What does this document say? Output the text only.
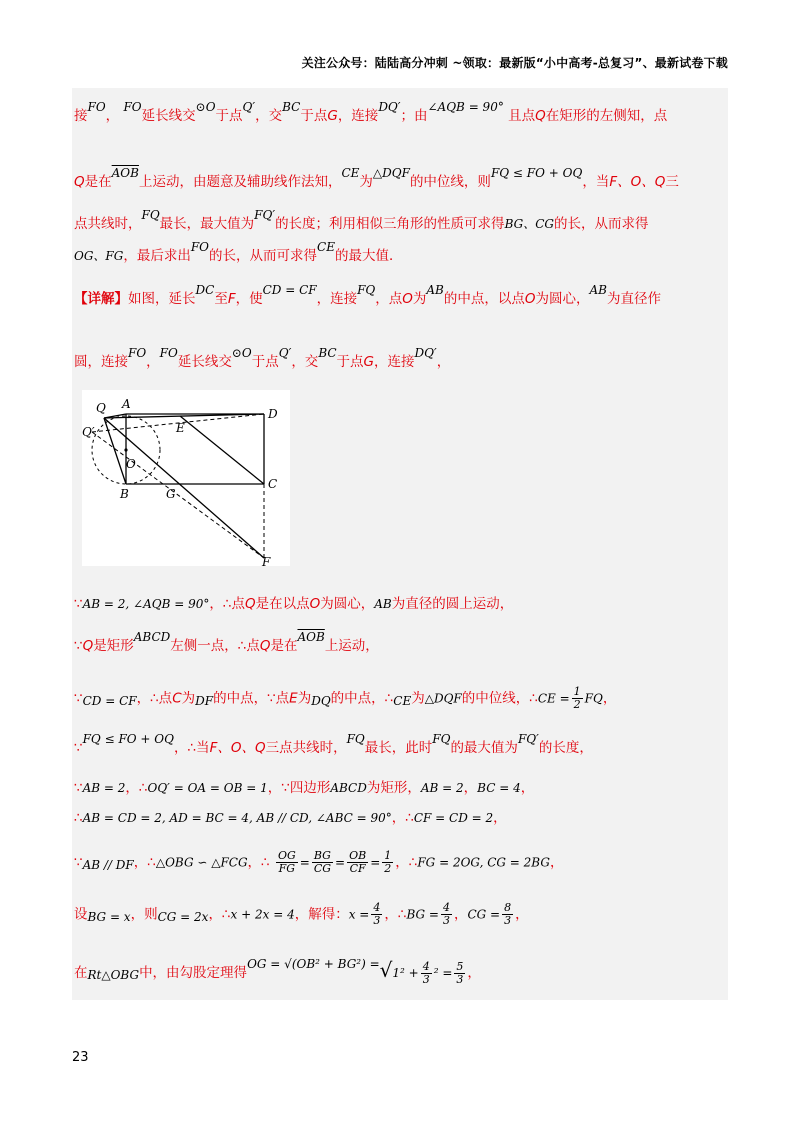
关注公众号：陆陆高分冲刺 ~领取：最新版“小中高考-总复习”、最新试卷下载
接FO， FO延长线交⊙O于点Q′，交BC于点G，连接DQ′；由∠AQB = 90° 且点Q在矩形的左侧知，点
Q是在$\overline{AOB}$上运动，由题意及辅助线作法知，CE为△DQF的中位线，则FQ ≤ FO + OQ，当F、O、Q三
点共线时，FQ最长，最大值为FQ′的长度；利用相似三角形的性质可求得BG、CG的长，从而求得
OG、FG，最后求出FO的长，从而可求得CE的最大值．
【详解】如图，延长DC至F，使CD = CF，连接FQ，点O为AB的中点，以点O为圆心，AB为直径作
圆，连接FO，FO延长线交⊙O于点Q′，交BC于点G，连接DQ′，
Q A
Q′
D
E
O
B	G
C
F
∵AB = 2, ∠AQB = 90°，∴点Q是在以点O为圆心，AB为直径的圆上运动，
∵Q是矩形ABCD左侧一点，∴点Q是在$\overline{AOB}$上运动，
∵CD = CF，∴点C为DF的中点，∵点E为DQ的中点，∴CE为△DQF的中位线，∴CE = $\frac{1}{2}$ FQ，
∵FQ ≤ FO + OQ，∴当F、O、Q三点共线时，FQ最长，此时FQ的最大值为FQ′的长度，
∵AB = 2，∴OQ′ = OA = OB = 1，∵四边形ABCD为矩形，AB = 2，BC = 4，
∴AB = CD = 2, AD = BC = 4, AB // CD, ∠ABC = 90°，∴CF = CD = 2，
∵AB // DF，∴△OBG ∽ △FCG，∴ $\frac{OG}{FG} = \frac{BG}{CG} = \frac{OB}{CF} = \frac{1}{2}$ ，∴FG = 2OG, CG = 2BG，
设BG = x，则CG = 2x，∴x + 2x = 4，解得：$x = \frac{4}{3}$ ，∴BG = $\frac{4}{3}$ ，CG = $\frac{8}{3}$ ，
在Rt△OBG中，由勾股定理得OG = $√(OB^2 + BG^2) =√1^2 + \frac{4}{3} ^2 = \frac{5}{3}$ ，
23
